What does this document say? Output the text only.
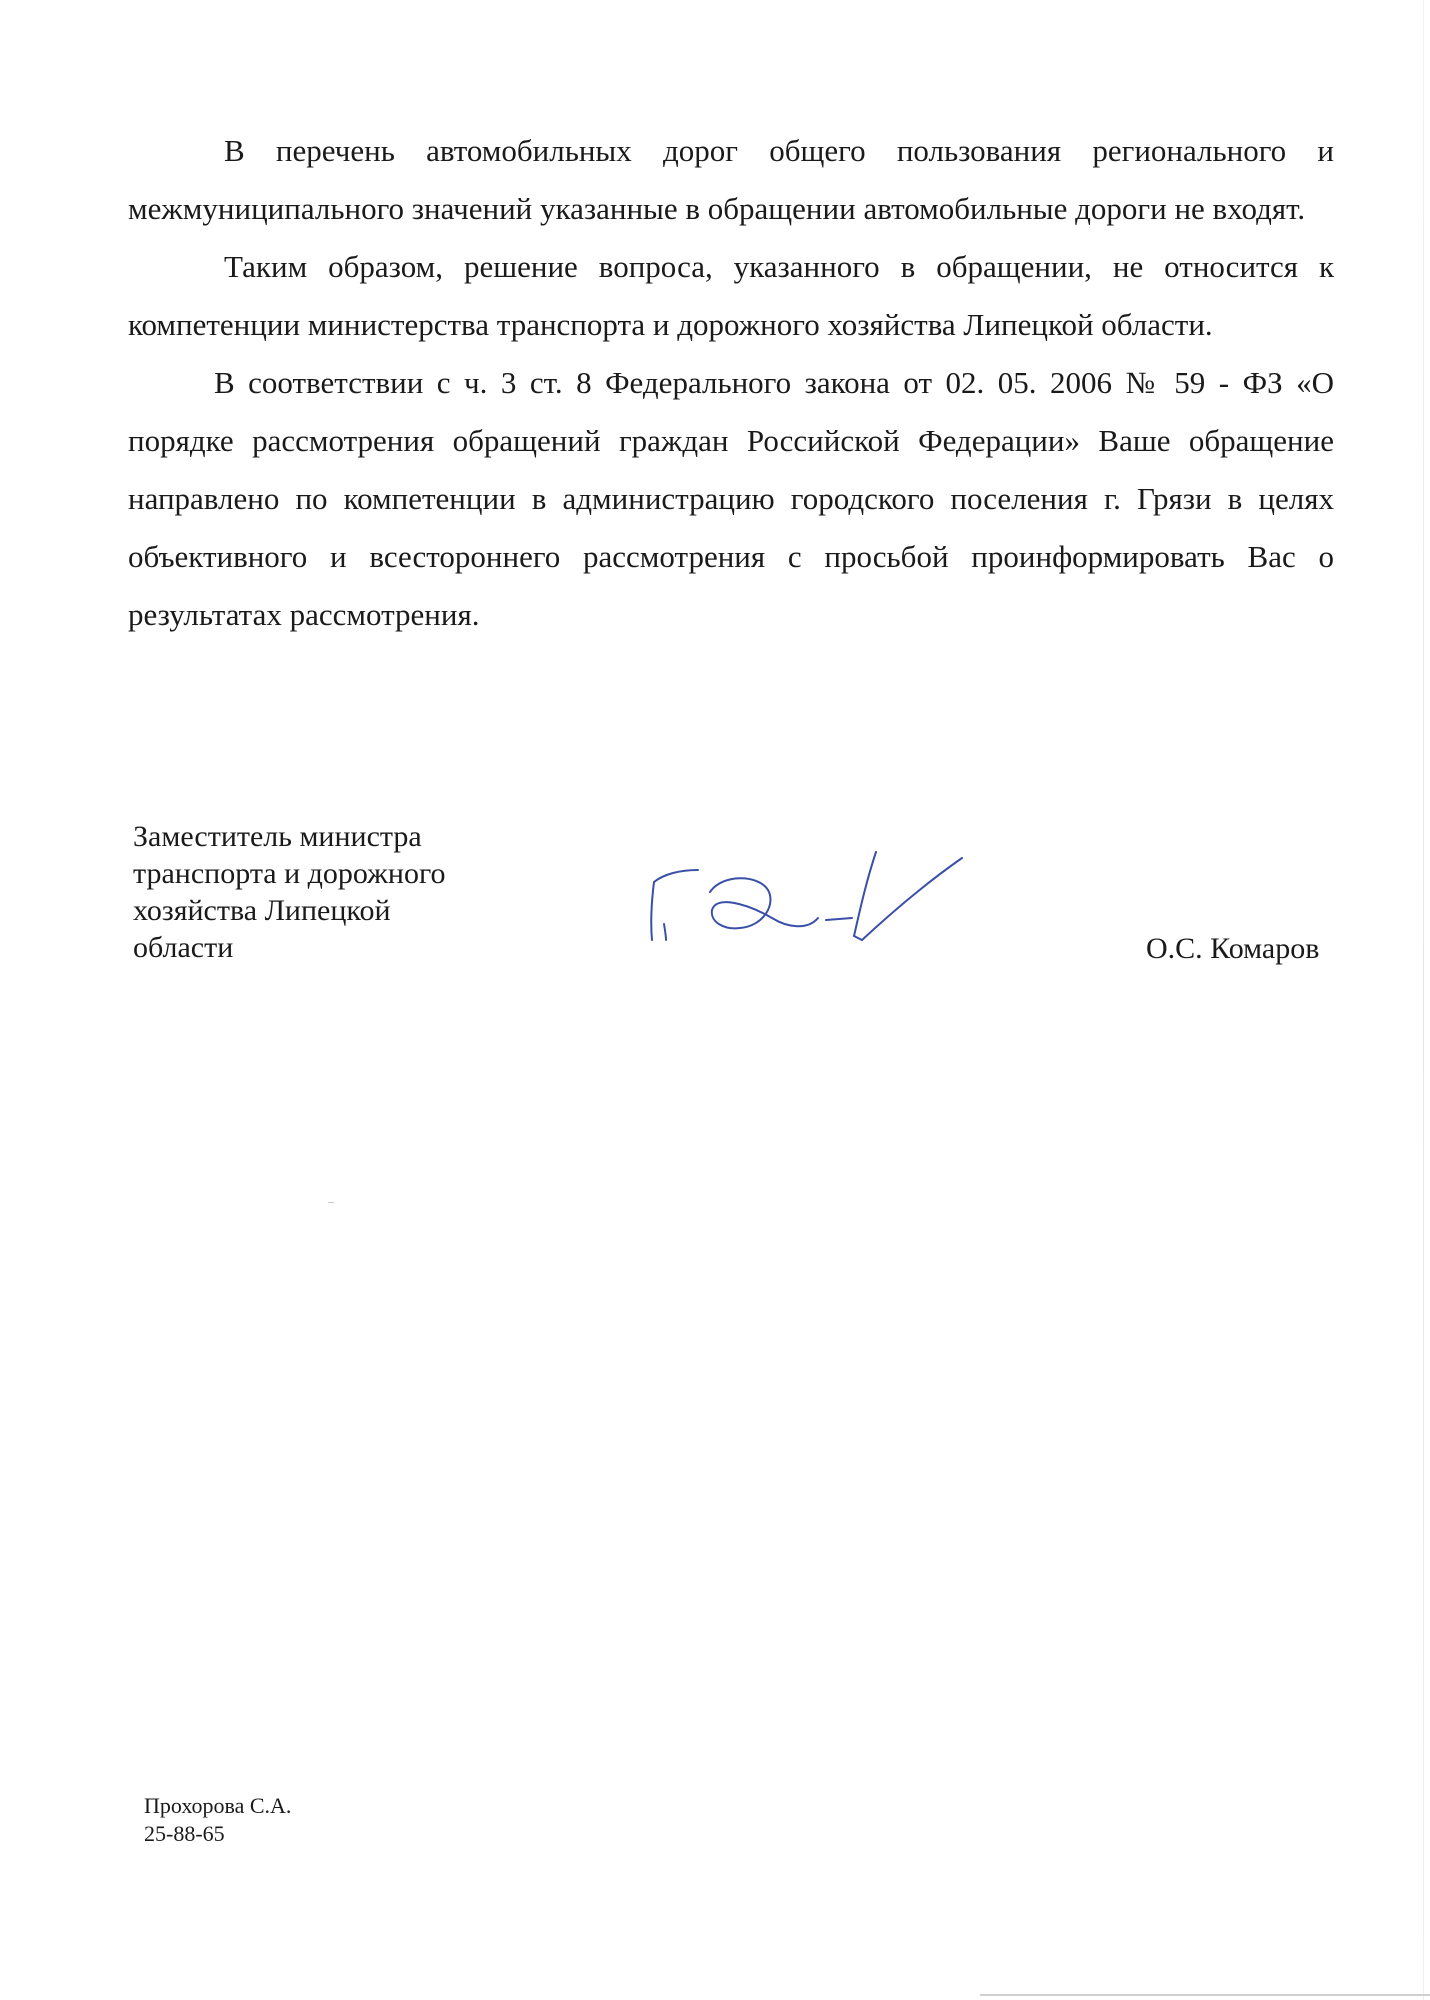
В перечень автомобильных дорог общего пользования регионального и межмуниципального значений указанные в обращении автомобильные дороги не входят.

Таким образом, решение вопроса, указанного в обращении, не относится к компетенции министерства транспорта и дорожного хозяйства Липецкой области.

В соответствии с ч. 3 ст. 8 Федерального закона от 02. 05. 2006 № 59 - ФЗ «О порядке рассмотрения обращений граждан Российской Федерации» Ваше обращение направлено по компетенции в администрацию городского поселения г. Грязи в целях объективного и всестороннего рассмотрения с просьбой проинформировать Вас о результатах рассмотрения.

Заместитель министра
транспорта и дорожного
хозяйства Липецкой
области	О.С. Комаров
Прохорова С.А.
25-88-65
